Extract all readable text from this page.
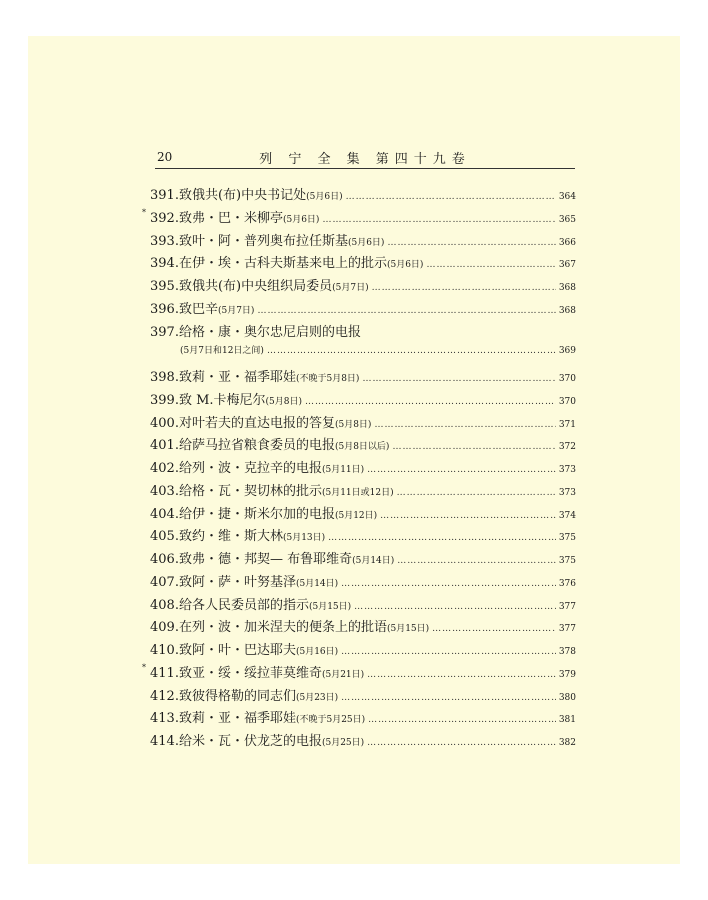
20	列 宁 全 集 第四十九卷
391. 致俄共(布)中央书记处 (5月6日) ……………………………………………………………………………………………………………………………………………………	364
* 392. 致弗・巴・米柳亭 (5月6日) ……………………………………………………………………………………………………………………………………………………	365
393. 致叶・阿・普列奥布拉任斯基 (5月6日) ……………………………………………………………………………………………………………………………………………………	366
394. 在伊・埃・古科夫斯基来电上的批示 (5月6日) ……………………………………………………………………………………………………………………………………………………	367
395. 致俄共(布)中央组织局委员 (5月7日) ……………………………………………………………………………………………………………………………………………………	368
396. 致巴辛 (5月7日) ……………………………………………………………………………………………………………………………………………………	368
397. 给格・康・奥尔忠尼启则的电报
(5月7日和12日之间) ……………………………………………………………………………………………………………………………………………………	369
398. 致莉・亚・福季耶娃 (不晚于5月8日) ……………………………………………………………………………………………………………………………………………………	370
399. 致 M.卡梅尼尔 (5月8日) ……………………………………………………………………………………………………………………………………………………	370
400. 对叶若夫的直达电报的答复 (5月8日) ……………………………………………………………………………………………………………………………………………………	371
401. 给萨马拉省粮食委员的电报 (5月8日以后) ……………………………………………………………………………………………………………………………………………………	372
402. 给列・波・克拉辛的电报 (5月11日) ……………………………………………………………………………………………………………………………………………………	373
403. 给格・瓦・契切林的批示 (5月11日或12日) ……………………………………………………………………………………………………………………………………………………	373
404. 给伊・捷・斯米尔加的电报 (5月12日) ……………………………………………………………………………………………………………………………………………………	374
405. 致约・维・斯大林 (5月13日) ……………………………………………………………………………………………………………………………………………………	375
406. 致弗・德・邦契— 布鲁耶维奇 (5月14日) ……………………………………………………………………………………………………………………………………………………	375
407. 致阿・萨・叶努基泽 (5月14日) ……………………………………………………………………………………………………………………………………………………	376
408. 给各人民委员部的指示 (5月15日) ……………………………………………………………………………………………………………………………………………………	377
409. 在列・波・加米涅夫的便条上的批语 (5月15日) ……………………………………………………………………………………………………………………………………………………	377
410. 致阿・叶・巴达耶夫 (5月16日) ……………………………………………………………………………………………………………………………………………………	378
* 411. 致亚・绥・绥拉菲莫维奇 (5月21日) ……………………………………………………………………………………………………………………………………………………	379
412. 致彼得格勒的同志们 (5月23日) ……………………………………………………………………………………………………………………………………………………	380
413. 致莉・亚・福季耶娃 (不晚于5月25日) ……………………………………………………………………………………………………………………………………………………	381
414. 给米・瓦・伏龙芝的电报 (5月25日) ……………………………………………………………………………………………………………………………………………………	382
